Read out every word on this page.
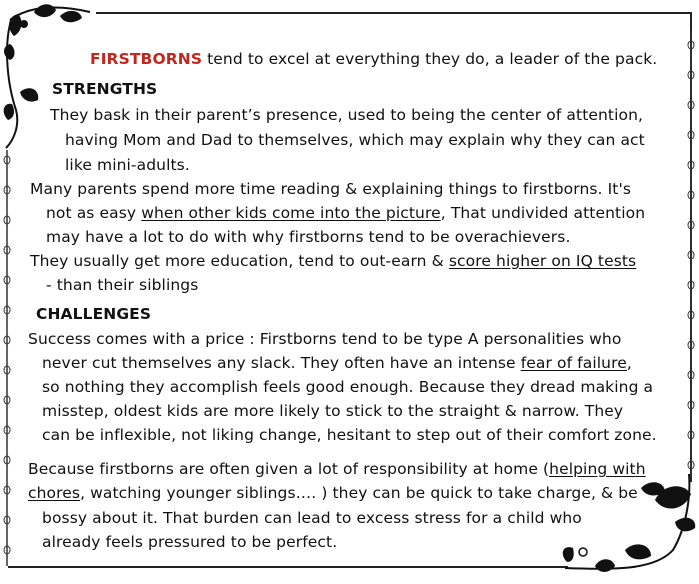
FIRSTBORNS tend to excel at everything they do, a leader of the pack.
STRENGTHS
They bask in their parent’s presence, used to being the center of attention,
having Mom and Dad to themselves, which may explain why they can act
like mini-adults.
Many parents spend more time reading & explaining things to firstborns. It's
not as easy when other kids come into the picture, That undivided attention
may have a lot to do with why firstborns tend to be overachievers.
They usually get more education, tend to out-earn & score higher on IQ tests
- than their siblings
CHALLENGES
Success comes with a price : Firstborns tend to be type A personalities who
never cut themselves any slack. They often have an intense fear of failure,
so nothing they accomplish feels good enough. Because they dread making a
misstep, oldest kids are more likely to stick to the straight & narrow. They
can be inflexible, not liking change, hesitant to step out of their comfort zone.
Because firstborns are often given a lot of responsibility at home (helping with
chores, watching younger siblings…. ) they can be quick to take charge, & be
bossy about it. That burden can lead to excess stress for a child who
already feels pressured to be perfect.
